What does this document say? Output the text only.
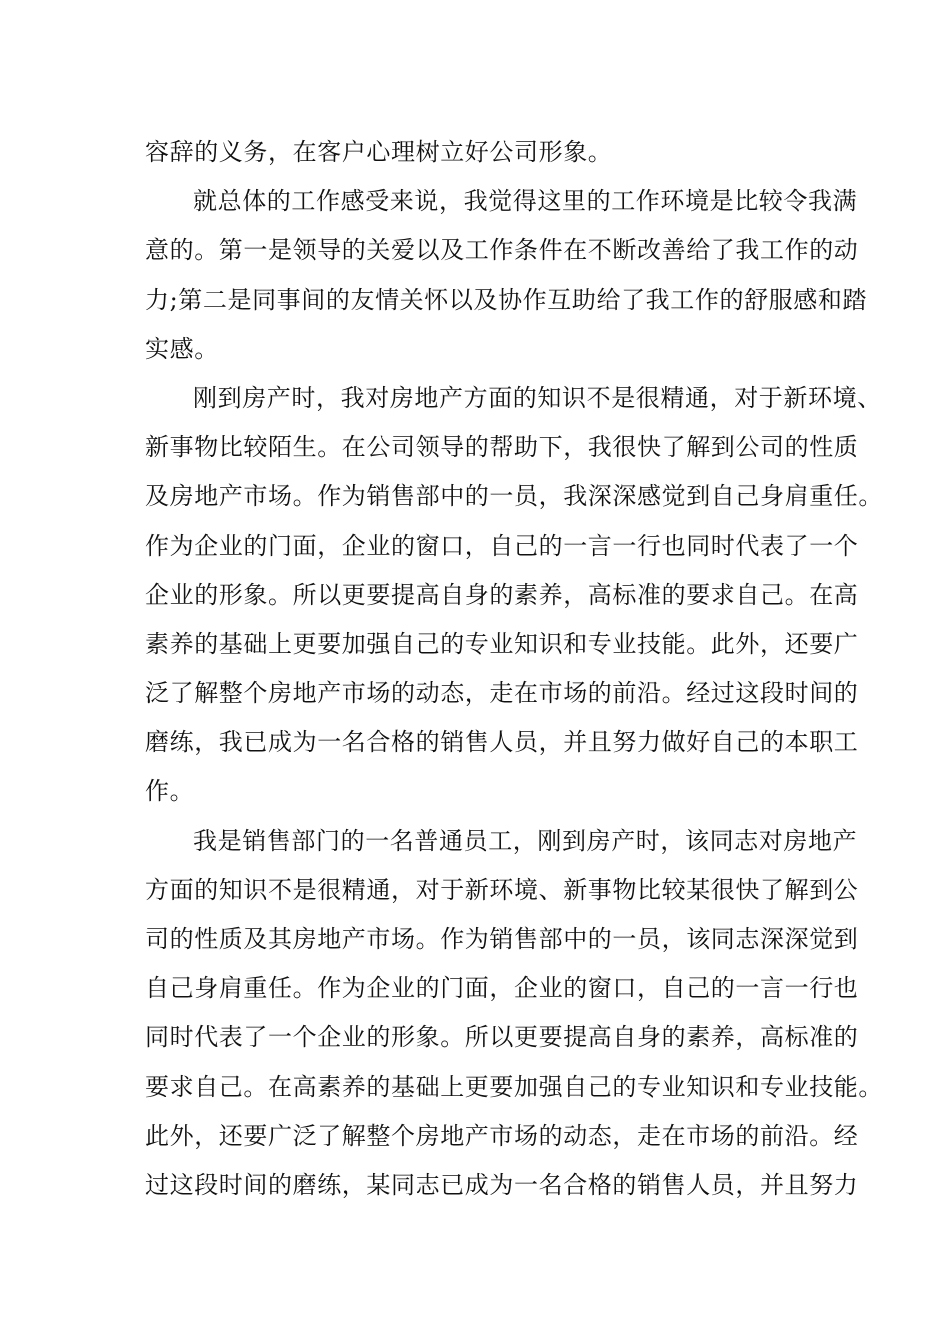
容辞的义务，在客户心理树立好公司形象。
就总体的工作感受来说，我觉得这里的工作环境是比较令我满
意的。第一是领导的关爱以及工作条件在不断改善给了我工作的动
力;第二是同事间的友情关怀以及协作互助给了我工作的舒服感和踏
实感。
刚到房产时，我对房地产方面的知识不是很精通，对于新环境、
新事物比较陌生。在公司领导的帮助下，我很快了解到公司的性质
及房地产市场。作为销售部中的一员，我深深感觉到自己身肩重任。
作为企业的门面，企业的窗口，自己的一言一行也同时代表了一个
企业的形象。所以更要提高自身的素养，高标准的要求自己。在高
素养的基础上更要加强自己的专业知识和专业技能。此外，还要广
泛了解整个房地产市场的动态，走在市场的前沿。经过这段时间的
磨练，我已成为一名合格的销售人员，并且努力做好自己的本职工
作。
我是销售部门的一名普通员工，刚到房产时，该同志对房地产
方面的知识不是很精通，对于新环境、新事物比较某很快了解到公
司的性质及其房地产市场。作为销售部中的一员，该同志深深觉到
自己身肩重任。作为企业的门面，企业的窗口，自己的一言一行也
同时代表了一个企业的形象。所以更要提高自身的素养，高标准的
要求自己。在高素养的基础上更要加强自己的专业知识和专业技能。
此外，还要广泛了解整个房地产市场的动态，走在市场的前沿。经
过这段时间的磨练，某同志已成为一名合格的销售人员，并且努力
